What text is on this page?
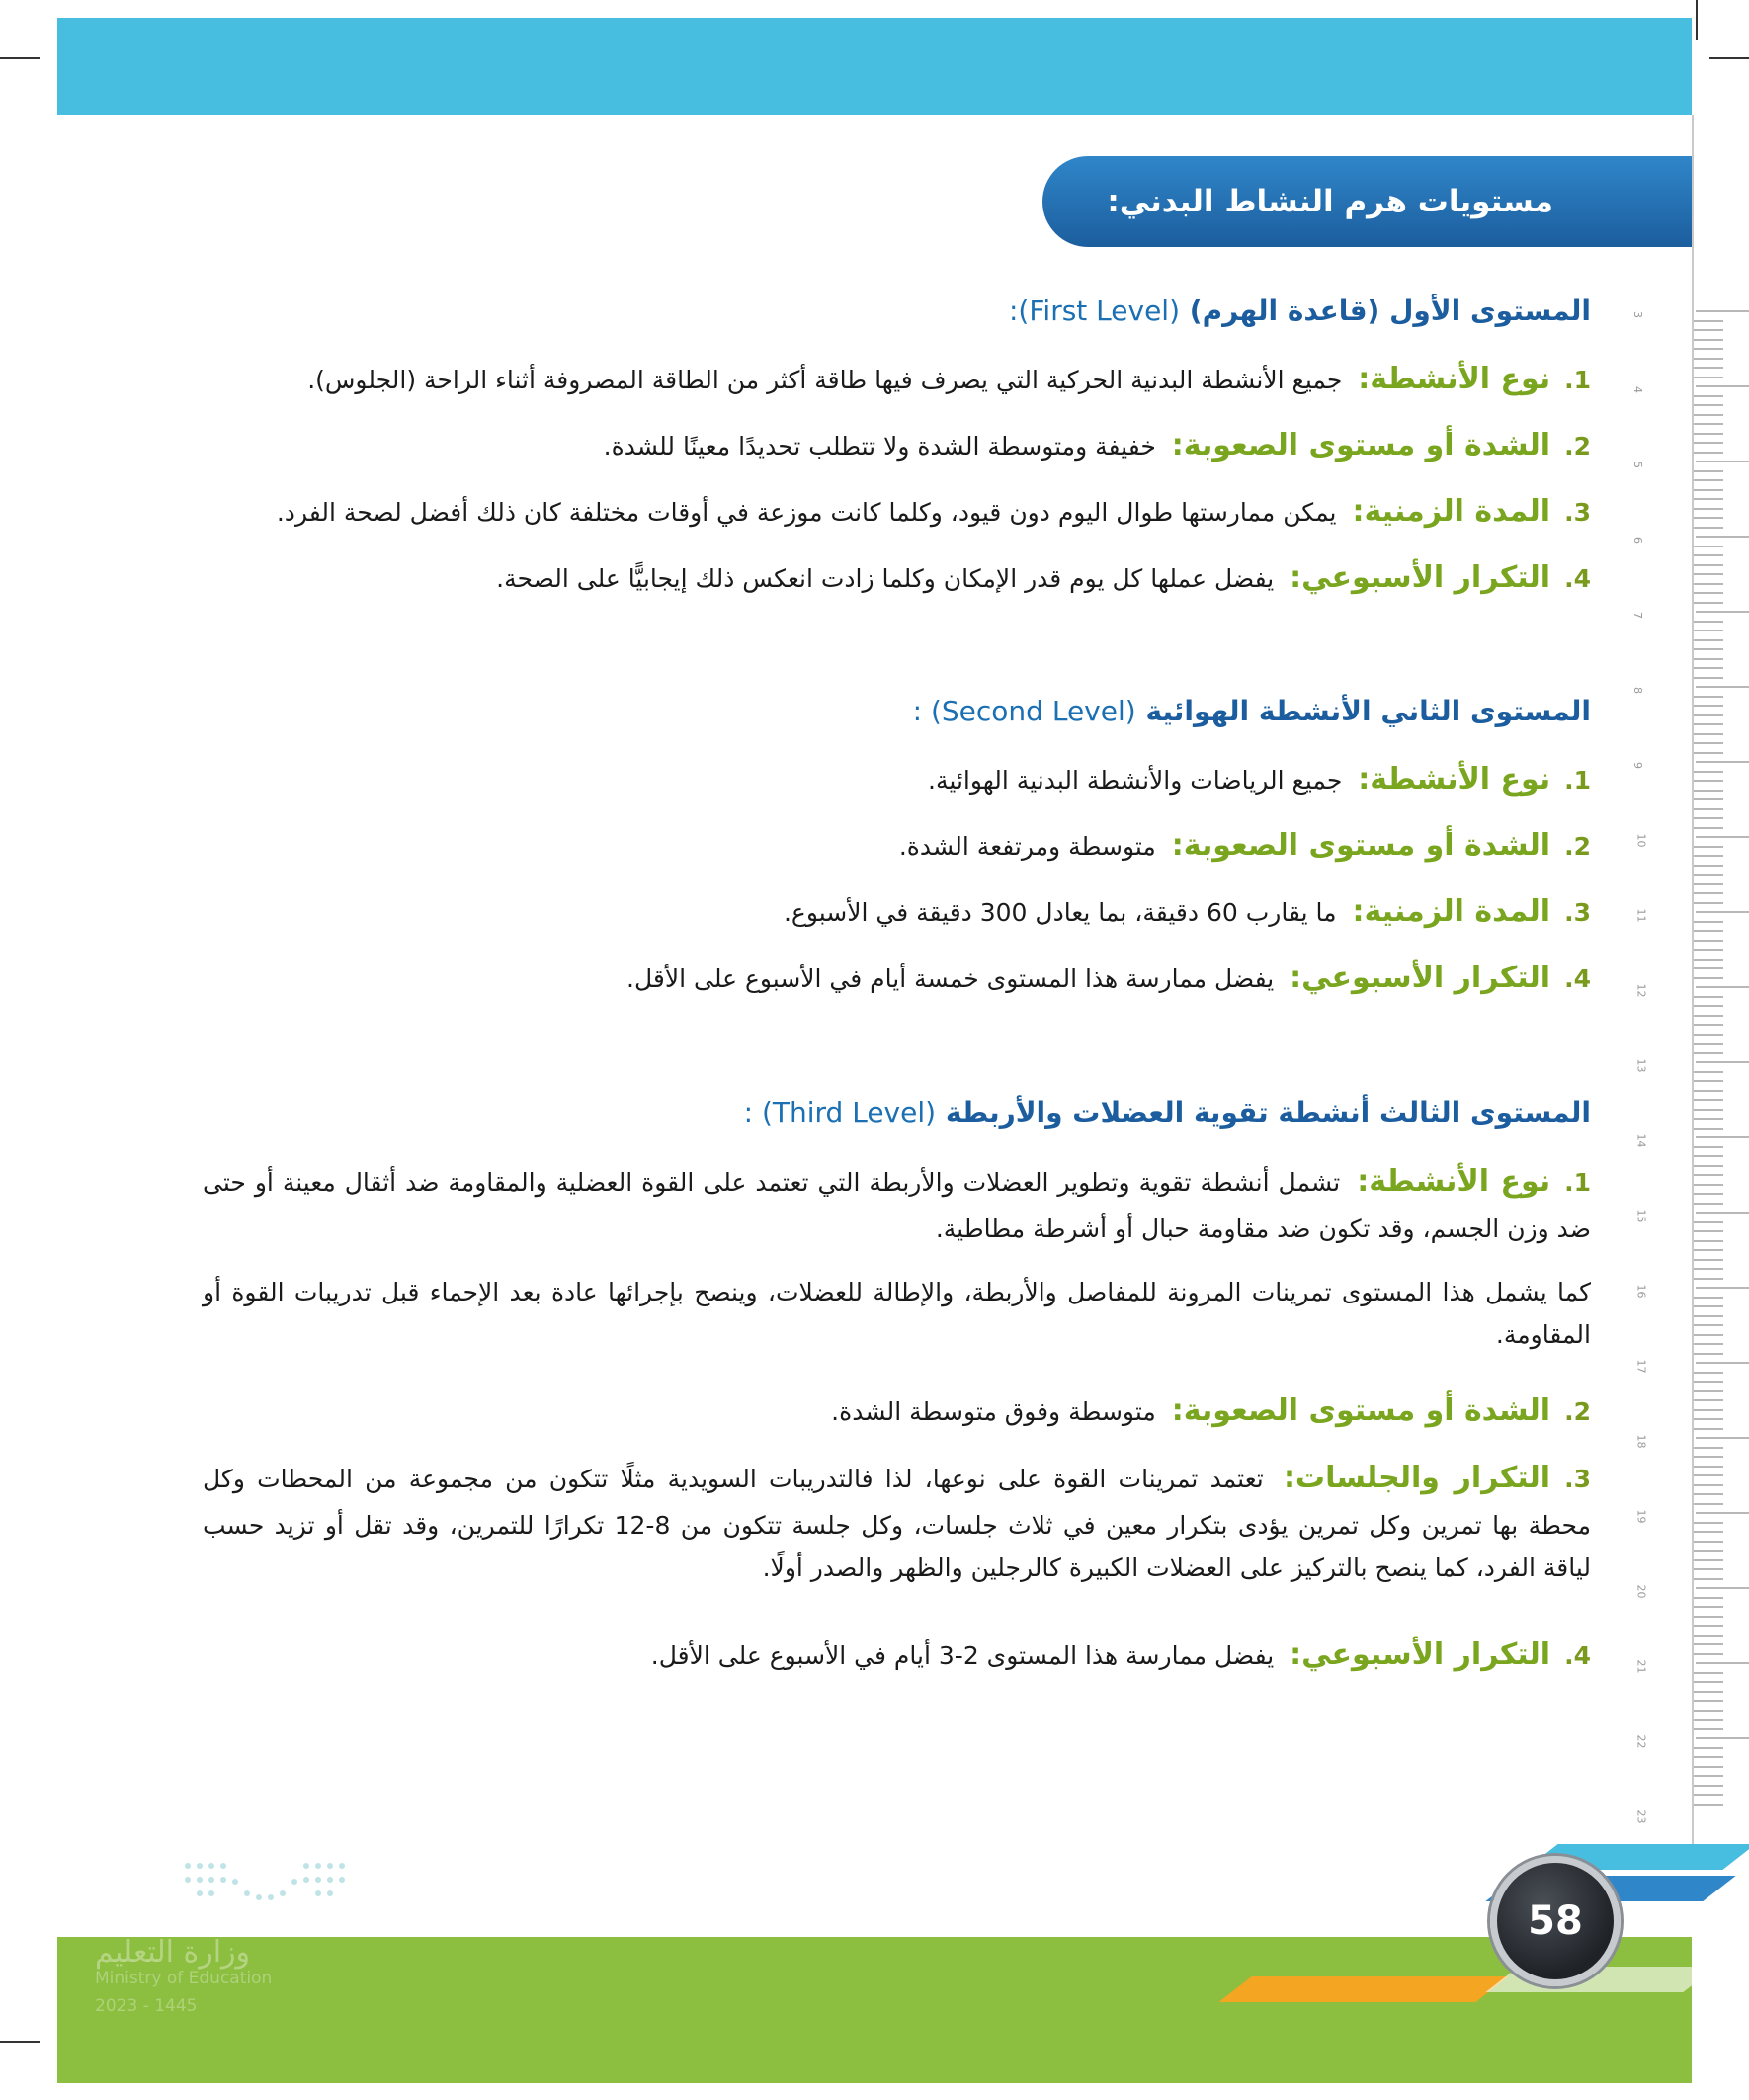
3
4
5
6
7
8
9
10
11
12
13
14
15
16
17
18
19
20
21
22
23
مستويات هرم النشاط البدني:
المستوى الأول (قاعدة الهرم) (First Level):
1.نوع الأنشطة: جميع الأنشطة البدنية الحركية التي يصرف فيها طاقة أكثر من الطاقة المصروفة أثناء الراحة (الجلوس).
2.الشدة أو مستوى الصعوبة: خفيفة ومتوسطة الشدة ولا تتطلب تحديدًا معينًا للشدة.
3.المدة الزمنية: يمكن ممارستها طوال اليوم دون قيود، وكلما كانت موزعة في أوقات مختلفة كان ذلك أفضل لصحة الفرد.
4.التكرار الأسبوعي: يفضل عملها كل يوم قدر الإمكان وكلما زادت انعكس ذلك إيجابيًّا على الصحة.
المستوى الثاني الأنشطة الهوائية (Second Level) :
1.نوع الأنشطة: جميع الرياضات والأنشطة البدنية الهوائية.
2.الشدة أو مستوى الصعوبة: متوسطة ومرتفعة الشدة.
3.المدة الزمنية: ما يقارب 60 دقيقة، بما يعادل 300 دقيقة في الأسبوع.
4.التكرار الأسبوعي: يفضل ممارسة هذا المستوى خمسة أيام في الأسبوع على الأقل.
المستوى الثالث أنشطة تقوية العضلات والأربطة (Third Level) :
1.نوع الأنشطة: تشمل أنشطة تقوية وتطوير العضلات والأربطة التي تعتمد على القوة العضلية والمقاومة ضد أثقال معينة أو حتى ضد وزن الجسم، وقد تكون ضد مقاومة حبال أو أشرطة مطاطية.
كما يشمل هذا المستوى تمرينات المرونة للمفاصل والأربطة، والإطالة للعضلات، وينصح بإجرائها عادة بعد الإحماء قبل تدريبات القوة أو المقاومة.
2.الشدة أو مستوى الصعوبة: متوسطة وفوق متوسطة الشدة.
3.التكرار والجلسات: تعتمد تمرينات القوة على نوعها، لذا فالتدريبات السويدية مثلًا تتكون من مجموعة من المحطات وكل محطة بها تمرين وكل تمرين يؤدى بتكرار معين في ثلاث جلسات، وكل جلسة تتكون من 8-12 تكرارًا للتمرين، وقد تقل أو تزيد حسب لياقة الفرد، كما ينصح بالتركيز على العضلات الكبيرة كالرجلين والظهر والصدر أولًا.
4.التكرار الأسبوعي: يفضل ممارسة هذا المستوى 2-3 أيام في الأسبوع على الأقل.
وزارة التعليم
Ministry of Education
2023 - 1445
58
